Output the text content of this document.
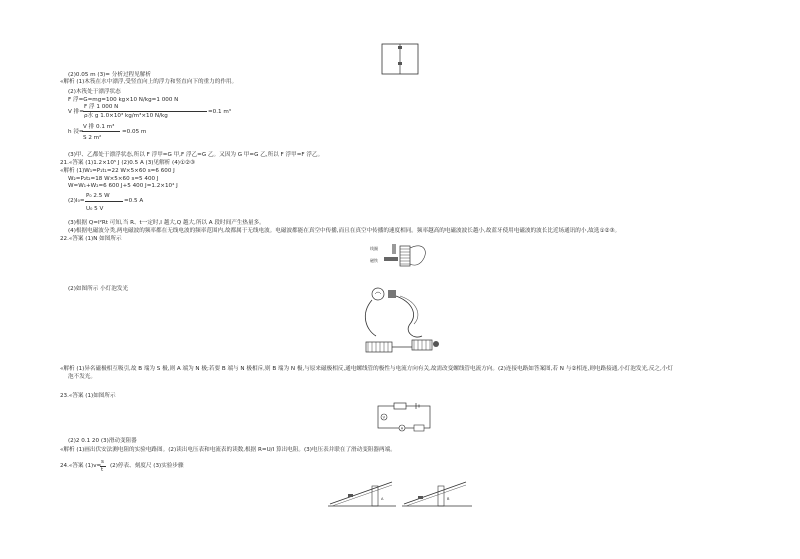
(2)0.05 m (3)= 分析过程见解析
«解析 (1)木筏在水中漂浮,受竖直向上的浮力和竖直向下的重力的作用。
(2)木筏处于漂浮状态
F 浮=G=mg=100 kg×10 N/kg=1 000 N
V 排=
F 浮 1 000 N
ρ水 g 1.0×10³ kg/m³×10 N/kg
=0.1 m³
h 浸=
V 排 0.1 m³
S 2 m²
=0.05 m
(3)甲、乙都处于漂浮状态,所以 F 浮甲=G 甲,F 浮乙=G 乙。又因为 G 甲=G 乙,所以 F 浮甲=F 浮乙。
21.«答案 (1)1.2×10⁵ J (2)0.5 A (3)见解析 (4)①②③
«解析 (1)W₁=P₁t₁=22 W×5×60 s=6 600 J
W₂=P₂t₂=18 W×5×60 s=5 400 J
W=W₁+W₂=6 600 J+5 400 J=1.2×10⁴ J
(2)I₀=
P₀ 2.5 W
U₀ 5 V
=0.5 A
(3)根据 Q=I²Rt 可知,当 R、t一定时,I 越大,Q 越大,所以 A 段时间产生热量多。
(4)根据电磁波分类,两电磁波的频率都在无线电波的频率范围内,故都属于无线电波。电磁波都能在真空中传播,而且在真空中传播的速度相同。频率越高的电磁波波长越小,故蓝牙使用电磁波的波长比近场通讯的小,故选①②③。
22.«答案 (1)N 如图所示
线圈
磁铁
(2)如图所示 小灯泡发光
«解析 (1)异名磁极相互吸引,故 B 端为 S 极,则 A 端为 N 极;若要 B 端与 N 极相斥,则 B 端为 N 极,与原来磁极相反,通电螺线管的极性与电流方向有关,故需改变螺线管电流方向。(2)连接电路如答案图,若 N 与②相连,则电路接通,小灯泡发光,反之,小灯
泡不发光。
23.«答案 (1)如图所示
V
A
(2)2 0.1 20 (3)滑动变阻器
«解析 (1)画出伏安法测电阻的实验电路图。(2)读出电压表和电流表的读数,根据 R=U/I 算出电阻。(3)电压表并联在了滑动变阻器两端。
24.«答案 (1)v=
s
t
(2)停表、刻度尺 (3)实验步骤
A	B
